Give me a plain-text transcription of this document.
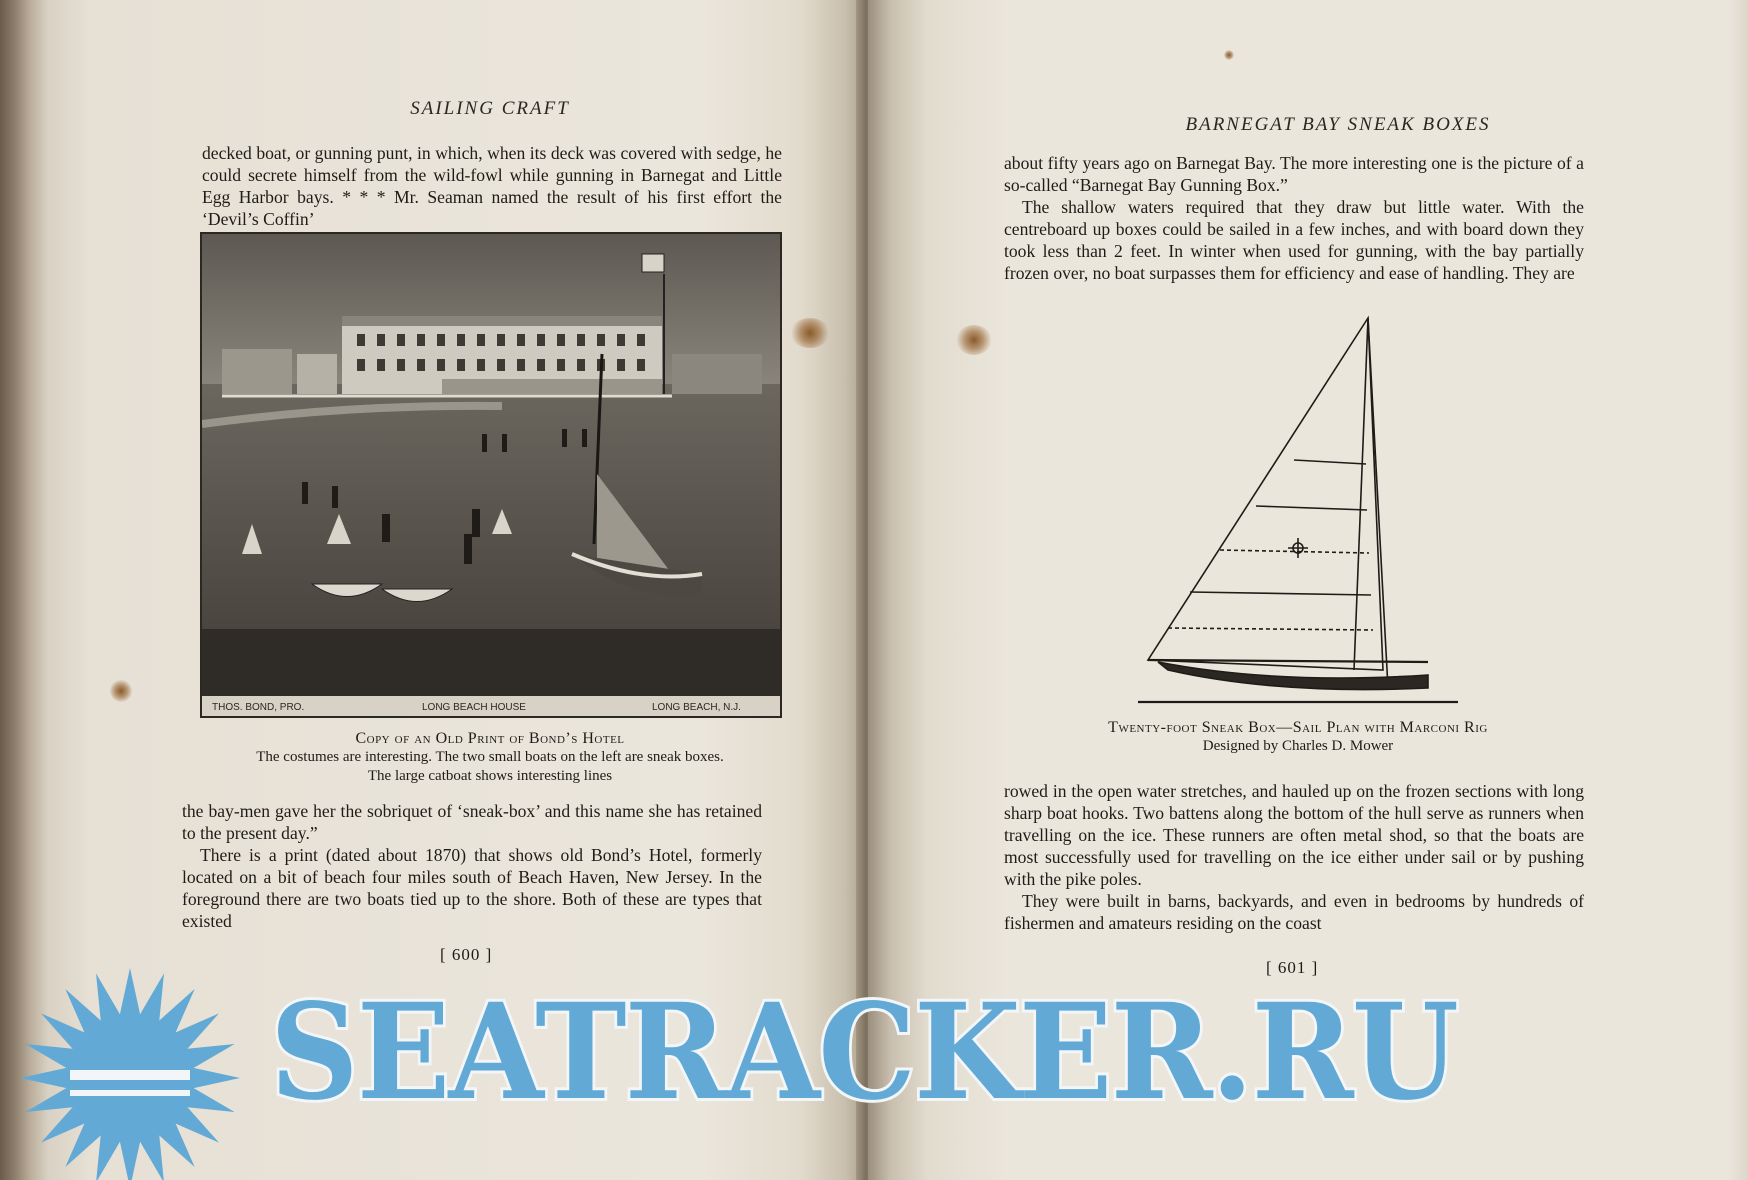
SAILING CRAFT

decked boat, or gunning punt, in which, when its deck was covered with sedge, he could secrete himself from the wild-fowl while gunning in Barnegat and Little Egg Harbor bays. * * * Mr. Seaman named the result of his first effort the ‘Devil’s Coffin’

THOS. BOND, PRO.	LONG BEACH HOUSE	LONG BEACH, N.J.
Copy of an Old Print of Bond’s Hotel
The costumes are interesting. The two small boats on the left are sneak boxes.
The large catboat shows interesting lines

the bay-men gave her the sobriquet of ‘sneak-box’ and this name she has retained to the present day.”

There is a print (dated about 1870) that shows old Bond’s Hotel, formerly located on a bit of beach four miles south of Beach Haven, New Jersey. In the foreground there are two boats tied up to the shore. Both of these are types that existed

[ 600 ]
BARNEGAT BAY SNEAK BOXES

about fifty years ago on Barnegat Bay. The more interesting one is the picture of a so-called “Barnegat Bay Gunning Box.”

The shallow waters required that they draw but little water. With the centreboard up boxes could be sailed in a few inches, and with board down they took less than 2 feet. In winter when used for gunning, with the bay partially frozen over, no boat surpasses them for efficiency and ease of handling. They are

Twenty-foot Sneak Box—Sail Plan with Marconi Rig
Designed by Charles D. Mower

rowed in the open water stretches, and hauled up on the frozen sections with long sharp boat hooks. Two battens along the bottom of the hull serve as runners when travelling on the ice. These runners are often metal shod, so that the boats are most successfully used for travelling on the ice either under sail or by pushing with the pike poles.

They were built in barns, backyards, and even in bedrooms by hundreds of fishermen and amateurs residing on the coast

[ 601 ]
SEATRACKER.RU
